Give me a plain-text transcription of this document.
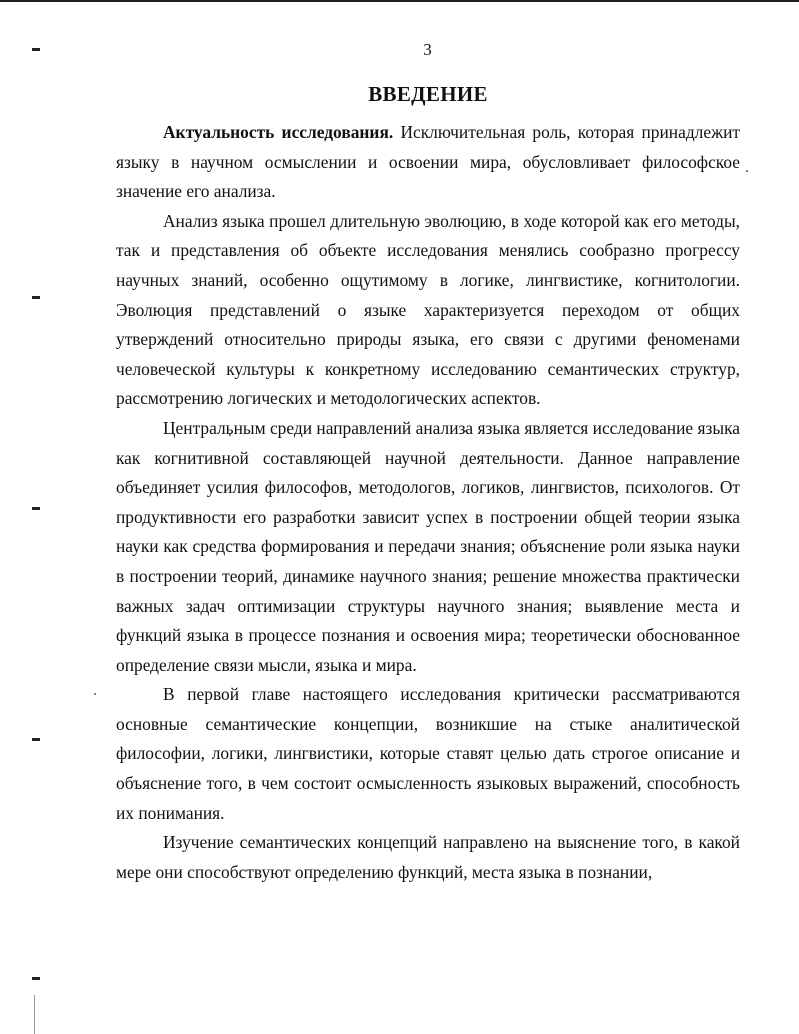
3
ВВЕДЕНИЕ

Актуальность исследования. Исключительная роль, которая принадлежит языку в научном осмыслении и освоении мира, обусловливает философское значение его анализа.

Анализ языка прошел длительную эволюцию, в ходе которой как его методы, так и представления об объекте исследования менялись сообразно прогрессу научных знаний, особенно ощутимому в логике, лингвистике, когнитологии. Эволюция представлений о языке характеризуется переходом от общих утверждений относительно природы языка, его связи с другими феноменами человеческой культуры к конкретному исследованию семантических структур, рассмотрению логических и методологических аспектов.

Центральным среди направлений анализа языка является исследование языка как когнитивной составляющей научной деятельности. Данное направление объединяет усилия философов, методологов, логиков, лингвистов, психологов. От продуктивности его разработки зависит успех в построении общей теории языка науки как средства формирования и передачи знания; объяснение роли языка науки в построении теорий, динамике научного знания; решение множества практически важных задач оптимизации структуры научного знания; выявление места и функций языка в процессе познания и освоения мира; теоретически обоснованное определение связи мысли, языка и мира.

В первой главе настоящего исследования критически рассматриваются основные семантические концепции, возникшие на стыке аналитической философии, логики, лингвистики, которые ставят целью дать строгое описание и объяснение того, в чем состоит осмысленность языковых выражений, способность их понимания.

Изучение семантических концепций направлено на выяснение того, в какой мере они способствуют определению функций, места языка в познании,
